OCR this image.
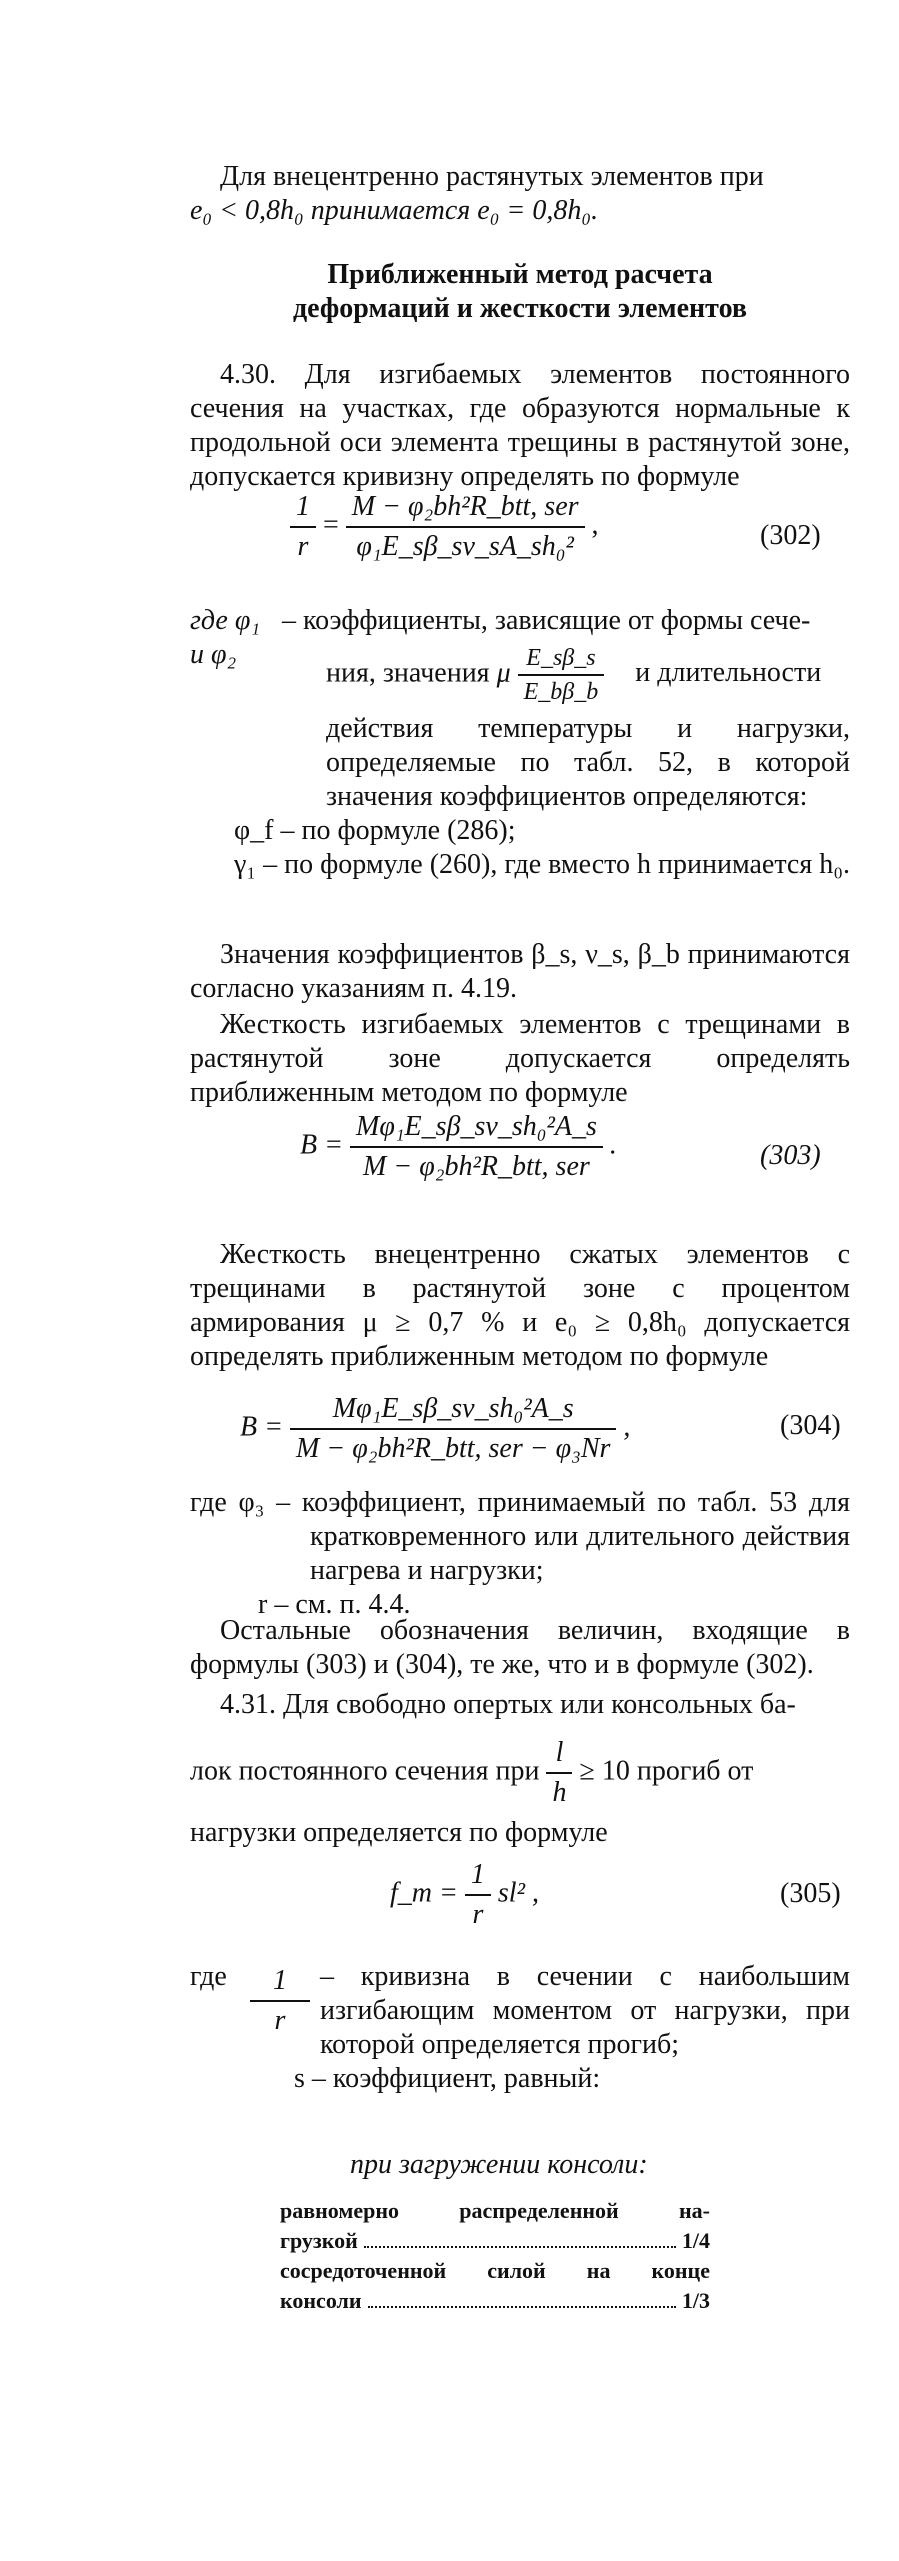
Для внецентренно растянутых элементов при
e₀ < 0,8h₀ принимается e₀ = 0,8h₀.
Приближенный метод расчета
деформаций и жесткости элементов
4.30. Для изгибаемых элементов постоянного сечения на участках, где образуются нормальные к продольной оси элемента трещины в растянутой зоне, допускается кривизну определять по формуле
$\frac{1}{r}$ =
M − φ₂bh²R_btt, ser
φ₁E_sβ_sν_sA_sh₀²
,	(302)
где φ₁
и φ₂
– коэффициенты, зависящие от формы сече-
ния, значения μ $\frac{E\_s\beta\_s}{E\_b\beta\_b}$ и длительности
действия температуры и нагрузки, определяемые по табл. 52, в которой значения коэффициентов определяются:
φ_f – по формуле (286);
γ₁ – по формуле (260), где вместо h принимается h₀.
Значения коэффициентов β_s, ν_s, β_b принимаются согласно указаниям п. 4.19.
Жесткость изгибаемых элементов с трещинами в растянутой зоне допускается определять приближенным методом по формуле
B =
Mφ₁E_sβ_sν_sh₀²A_s
M − φ₂bh²R_btt, ser
.	(303)
Жесткость внецентренно сжатых элементов с трещинами в растянутой зоне с процентом армирования μ ≥ 0,7 % и e₀ ≥ 0,8h₀ допускается определять приближенным методом по формуле
B =
Mφ₁E_sβ_sν_sh₀²A_s
M − φ₂bh²R_btt, ser − φ₃Nr
,	(304)
где φ₃ – коэффициент, принимаемый по табл. 53 для кратковременного или длительного действия нагрева и нагрузки;
r – см. п. 4.4.
Остальные обозначения величин, входящие в формулы (303) и (304), те же, что и в формуле (302).
4.31. Для свободно опертых или консольных ба-
лок постоянного сечения при $\frac{l}{h} \ge 10$ прогиб от
нагрузки определяется по формуле
f_m = $\frac{1}{r} sl^2$ ,	(305)
где $\frac{1}{r}$ – кривизна в сечении с наибольшим изгибающим моментом от нагрузки, при которой определяется прогиб;
s – коэффициент, равный:
при загружении консоли:
равномерно распределенной на-
грузкой	1/4
сосредоточенной силой на конце
консоли	1/3
